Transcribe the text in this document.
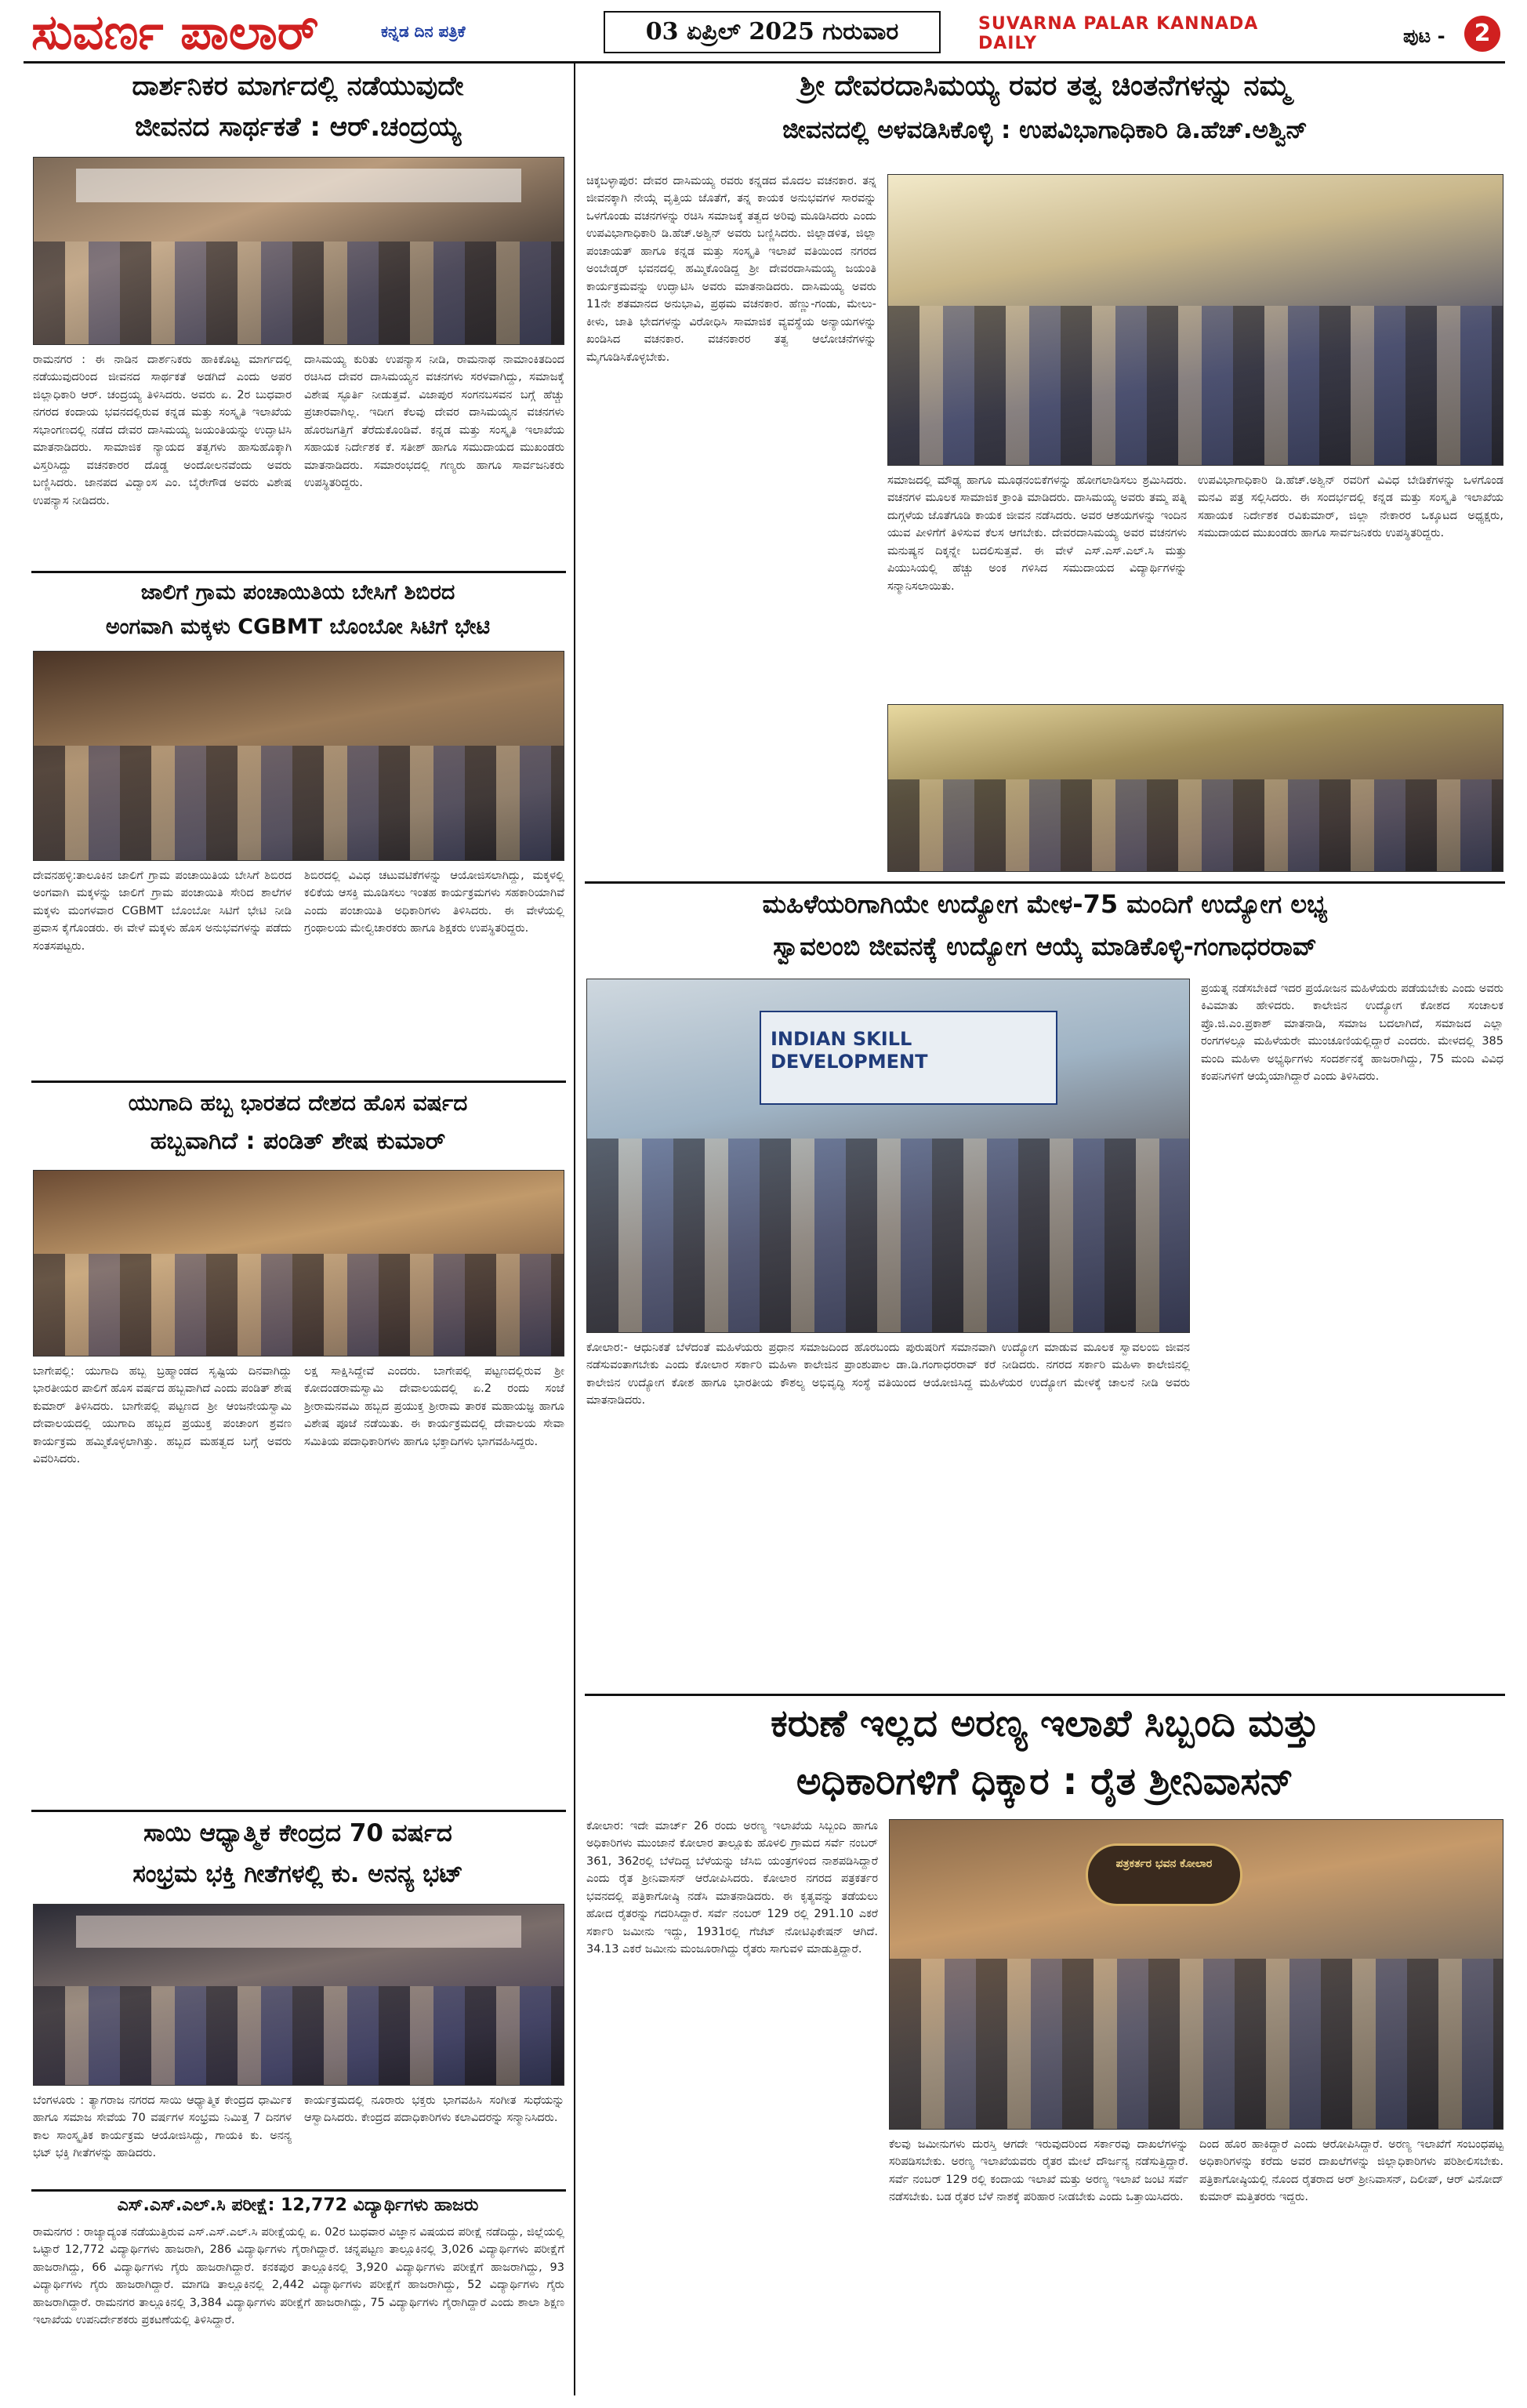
ಸುವರ್ಣ ಪಾಲಾರ್	ಕನ್ನಡ ದಿನ ಪತ್ರಿಕೆ	03 ಏಪ್ರಿಲ್ 2025 ಗುರುವಾರ	SUVARNA PALAR KANNADA DAILY	ಪುಟ -	2
ದಾರ್ಶನಿಕರ ಮಾರ್ಗದಲ್ಲಿ ನಡೆಯುವುದೇ
ಜೀವನದ ಸಾರ್ಥಕತೆ : ಆರ್.ಚಂದ್ರಯ್ಯ
ರಾಮನಗರ : ಈ ನಾಡಿನ ದಾರ್ಶನಿಕರು ಹಾಕಿಕೊಟ್ಟ ಮಾರ್ಗದಲ್ಲಿ ನಡೆಯುವುದರಿಂದ ಜೀವನದ ಸಾರ್ಥಕತೆ ಅಡಗಿದೆ ಎಂದು ಅಪರ ಜಿಲ್ಲಾಧಿಕಾರಿ ಆರ್. ಚಂದ್ರಯ್ಯ ತಿಳಿಸಿದರು. ಅವರು ಏ. 2ರ ಬುಧವಾರ ನಗರದ ಕಂದಾಯ ಭವನದಲ್ಲಿರುವ ಕನ್ನಡ ಮತ್ತು ಸಂಸ್ಕೃತಿ ಇಲಾಖೆಯ ಸಭಾಂಗಣದಲ್ಲಿ ನಡೆದ ದೇವರ ದಾಸಿಮಯ್ಯ ಜಯಂತಿಯನ್ನು ಉದ್ಘಾಟಿಸಿ ಮಾತನಾಡಿದರು. ಸಾಮಾಜಿಕ ನ್ಯಾಯದ ತತ್ವಗಳು ಹಾಸುಹೊಕ್ಕಾಗಿ ವಿಸ್ತರಿಸಿದ್ದು ವಚನಕಾರರ ದೊಡ್ಡ ಅಂದೋಲನವೆಂದು ಅವರು ಬಣ್ಣಿಸಿದರು. ಜಾನಪದ ವಿದ್ವಾಂಸ ಎಂ. ಬೈರೇಗೌಡ ಅವರು ವಿಶೇಷ ಉಪನ್ಯಾಸ ನೀಡಿದರು.
ದಾಸಿಮಯ್ಯ ಕುರಿತು ಉಪನ್ಯಾಸ ನೀಡಿ, ರಾಮನಾಥ ನಾಮಾಂಕಿತದಿಂದ ರಚಿಸಿದ ದೇವರ ದಾಸಿಮಯ್ಯನ ವಚನಗಳು ಸರಳವಾಗಿದ್ದು, ಸಮಾಜಕ್ಕೆ ವಿಶೇಷ ಸ್ಫೂರ್ತಿ ನೀಡುತ್ತವೆ. ವಿಜಾಪುರ ಸಂಗನಬಸವನ ಬಗ್ಗೆ ಹೆಚ್ಚು ಪ್ರಚಾರವಾಗಿಲ್ಲ. ಇದೀಗ ಕೆಲವು ದೇವರ ದಾಸಿಮಯ್ಯನ ವಚನಗಳು ಹೊರಜಗತ್ತಿಗೆ ತೆರೆದುಕೊಂಡಿವೆ. ಕನ್ನಡ ಮತ್ತು ಸಂಸ್ಕೃತಿ ಇಲಾಖೆಯ ಸಹಾಯಕ ನಿರ್ದೇಶಕ ಕೆ. ಸತೀಶ್ ಹಾಗೂ ಸಮುದಾಯದ ಮುಖಂಡರು ಮಾತನಾಡಿದರು. ಸಮಾರಂಭದಲ್ಲಿ ಗಣ್ಯರು ಹಾಗೂ ಸಾರ್ವಜನಿಕರು ಉಪಸ್ಥಿತರಿದ್ದರು.
ಜಾಲಿಗೆ ಗ್ರಾಮ ಪಂಚಾಯಿತಿಯ ಬೇಸಿಗೆ ಶಿಬಿರದ
ಅಂಗವಾಗಿ ಮಕ್ಕಳು CGBMT ಬೊಂಬೋ ಸಿಟಿಗೆ ಭೇಟಿ
ದೇವನಹಳ್ಳಿ:ತಾಲೂಕಿನ ಜಾಲಿಗೆ ಗ್ರಾಮ ಪಂಚಾಯಿತಿಯ ಬೇಸಿಗೆ ಶಿಬಿರದ ಅಂಗವಾಗಿ ಮಕ್ಕಳನ್ನು ಜಾಲಿಗೆ ಗ್ರಾಮ ಪಂಚಾಯಿತಿ ಸೇರಿದ ಶಾಲೆಗಳ ಮಕ್ಕಳು ಮಂಗಳವಾರ CGBMT ಬೊಂಬೋ ಸಿಟಿಗೆ ಭೇಟಿ ನೀಡಿ ಪ್ರವಾಸ ಕೈಗೊಂಡರು. ಈ ವೇಳೆ ಮಕ್ಕಳು ಹೊಸ ಅನುಭವಗಳನ್ನು ಪಡೆದು ಸಂತಸಪಟ್ಟರು.
ಶಿಬಿರದಲ್ಲಿ ವಿವಿಧ ಚಟುವಟಿಕೆಗಳನ್ನು ಆಯೋಜಿಸಲಾಗಿದ್ದು, ಮಕ್ಕಳಲ್ಲಿ ಕಲಿಕೆಯ ಆಸಕ್ತಿ ಮೂಡಿಸಲು ಇಂತಹ ಕಾರ್ಯಕ್ರಮಗಳು ಸಹಕಾರಿಯಾಗಿವೆ ಎಂದು ಪಂಚಾಯಿತಿ ಅಧಿಕಾರಿಗಳು ತಿಳಿಸಿದರು. ಈ ವೇಳೆಯಲ್ಲಿ ಗ್ರಂಥಾಲಯ ಮೇಲ್ವಿಚಾರಕರು ಹಾಗೂ ಶಿಕ್ಷಕರು ಉಪಸ್ಥಿತರಿದ್ದರು.
ಯುಗಾದಿ ಹಬ್ಬ ಭಾರತದ ದೇಶದ ಹೊಸ ವರ್ಷದ
ಹಬ್ಬವಾಗಿದೆ : ಪಂಡಿತ್ ಶೇಷ ಕುಮಾರ್
ಬಾಗೇಪಲ್ಲಿ: ಯುಗಾದಿ ಹಬ್ಬ ಬ್ರಹ್ಮಾಂಡದ ಸೃಷ್ಟಿಯ ದಿನವಾಗಿದ್ದು ಭಾರತೀಯರ ಪಾಲಿಗೆ ಹೊಸ ವರ್ಷದ ಹಬ್ಬವಾಗಿದೆ ಎಂದು ಪಂಡಿತ್ ಶೇಷ ಕುಮಾರ್ ತಿಳಿಸಿದರು. ಬಾಗೇಪಲ್ಲಿ ಪಟ್ಟಣದ ಶ್ರೀ ಆಂಜನೇಯಸ್ವಾಮಿ ದೇವಾಲಯದಲ್ಲಿ ಯುಗಾದಿ ಹಬ್ಬದ ಪ್ರಯುಕ್ತ ಪಂಚಾಂಗ ಶ್ರವಣ ಕಾರ್ಯಕ್ರಮ ಹಮ್ಮಿಕೊಳ್ಳಲಾಗಿತ್ತು. ಹಬ್ಬದ ಮಹತ್ವದ ಬಗ್ಗೆ ಅವರು ವಿವರಿಸಿದರು.
ಲಕ್ಷ ಸಾಕ್ಷಿಸಿದ್ದೇವೆ ಎಂದರು. ಬಾಗೇಪಲ್ಲಿ ಪಟ್ಟಣದಲ್ಲಿರುವ ಶ್ರೀ ಕೋದಂಡರಾಮಸ್ವಾಮಿ ದೇವಾಲಯದಲ್ಲಿ ಏ.2 ರಂದು ಸಂಜೆ ಶ್ರೀರಾಮನವಮಿ ಹಬ್ಬದ ಪ್ರಯುಕ್ತ ಶ್ರೀರಾಮ ತಾರಕ ಮಹಾಯಜ್ಞ ಹಾಗೂ ವಿಶೇಷ ಪೂಜೆ ನಡೆಯಿತು. ಈ ಕಾರ್ಯಕ್ರಮದಲ್ಲಿ ದೇವಾಲಯ ಸೇವಾ ಸಮಿತಿಯ ಪದಾಧಿಕಾರಿಗಳು ಹಾಗೂ ಭಕ್ತಾದಿಗಳು ಭಾಗವಹಿಸಿದ್ದರು.
ಸಾಯಿ ಆಧ್ಯಾತ್ಮಿಕ ಕೇಂದ್ರದ 70 ವರ್ಷದ
ಸಂಭ್ರಮ ಭಕ್ತಿ ಗೀತೆಗಳಲ್ಲಿ ಕು. ಅನನ್ಯ ಭಟ್
ಬೆಂಗಳೂರು : ತ್ಯಾಗರಾಜ ನಗರದ ಸಾಯಿ ಆಧ್ಯಾತ್ಮಿಕ ಕೇಂದ್ರದ ಧಾರ್ಮಿಕ ಹಾಗೂ ಸಮಾಜ ಸೇವೆಯ 70 ವರ್ಷಗಳ ಸಂಭ್ರಮ ನಿಮಿತ್ತ 7 ದಿನಗಳ ಕಾಲ ಸಾಂಸ್ಕೃತಿಕ ಕಾರ್ಯಕ್ರಮ ಆಯೋಜಿಸಿದ್ದು, ಗಾಯಕಿ ಕು. ಅನನ್ಯ ಭಟ್ ಭಕ್ತಿ ಗೀತೆಗಳನ್ನು ಹಾಡಿದರು.
ಕಾರ್ಯಕ್ರಮದಲ್ಲಿ ನೂರಾರು ಭಕ್ತರು ಭಾಗವಹಿಸಿ ಸಂಗೀತ ಸುಧೆಯನ್ನು ಆಸ್ವಾದಿಸಿದರು. ಕೇಂದ್ರದ ಪದಾಧಿಕಾರಿಗಳು ಕಲಾವಿದರನ್ನು ಸನ್ಮಾನಿಸಿದರು.
ಎಸ್.ಎಸ್.ಎಲ್.ಸಿ ಪರೀಕ್ಷೆ: 12,772 ವಿದ್ಯಾರ್ಥಿಗಳು ಹಾಜರು
ರಾಮನಗರ : ರಾಜ್ಯಾದ್ಯಂತ ನಡೆಯುತ್ತಿರುವ ಎಸ್.ಎಸ್.ಎಲ್.ಸಿ ಪರೀಕ್ಷೆಯಲ್ಲಿ ಏ. 02ರ ಬುಧವಾರ ವಿಜ್ಞಾನ ವಿಷಯದ ಪರೀಕ್ಷೆ ನಡೆದಿದ್ದು, ಜಿಲ್ಲೆಯಲ್ಲಿ ಒಟ್ಟಾರೆ 12,772 ವಿದ್ಯಾರ್ಥಿಗಳು ಹಾಜರಾಗಿ, 286 ವಿದ್ಯಾರ್ಥಿಗಳು ಗೈರಾಗಿದ್ದಾರೆ. ಚನ್ನಪಟ್ಟಣ ತಾಲ್ಲೂಕಿನಲ್ಲಿ 3,026 ವಿದ್ಯಾರ್ಥಿಗಳು ಪರೀಕ್ಷೆಗೆ ಹಾಜರಾಗಿದ್ದು, 66 ವಿದ್ಯಾರ್ಥಿಗಳು ಗೈರು ಹಾಜರಾಗಿದ್ದಾರೆ. ಕನಕಪುರ ತಾಲ್ಲೂಕಿನಲ್ಲಿ 3,920 ವಿದ್ಯಾರ್ಥಿಗಳು ಪರೀಕ್ಷೆಗೆ ಹಾಜರಾಗಿದ್ದು, 93 ವಿದ್ಯಾರ್ಥಿಗಳು ಗೈರು ಹಾಜರಾಗಿದ್ದಾರೆ. ಮಾಗಡಿ ತಾಲ್ಲೂಕಿನಲ್ಲಿ 2,442 ವಿದ್ಯಾರ್ಥಿಗಳು ಪರೀಕ್ಷೆಗೆ ಹಾಜರಾಗಿದ್ದು, 52 ವಿದ್ಯಾರ್ಥಿಗಳು ಗೈರು ಹಾಜರಾಗಿದ್ದಾರೆ. ರಾಮನಗರ ತಾಲ್ಲೂಕಿನಲ್ಲಿ 3,384 ವಿದ್ಯಾರ್ಥಿಗಳು ಪರೀಕ್ಷೆಗೆ ಹಾಜರಾಗಿದ್ದು, 75 ವಿದ್ಯಾರ್ಥಿಗಳು ಗೈರಾಗಿದ್ದಾರೆ ಎಂದು ಶಾಲಾ ಶಿಕ್ಷಣ ಇಲಾಖೆಯ ಉಪನಿರ್ದೇಶಕರು ಪ್ರಕಟಣೆಯಲ್ಲಿ ತಿಳಿಸಿದ್ದಾರೆ.
ಶ್ರೀ ದೇವರದಾಸಿಮಯ್ಯ ರವರ ತತ್ವ ಚಿಂತನೆಗಳನ್ನು ನಮ್ಮ
ಜೀವನದಲ್ಲಿ ಅಳವಡಿಸಿಕೊಳ್ಳಿ : ಉಪವಿಭಾಗಾಧಿಕಾರಿ ಡಿ.ಹೆಚ್.ಅಶ್ವಿನ್
ಚಿಕ್ಕಬಳ್ಳಾಪುರ: ದೇವರ ದಾಸಿಮಯ್ಯ ರವರು ಕನ್ನಡದ ಮೊದಲ ವಚನಕಾರ. ತನ್ನ ಜೀವನಕ್ಕಾಗಿ ನೇಯ್ಗೆ ವೃತ್ತಿಯ ಜೊತೆಗೆ, ತನ್ನ ಕಾಯಕ ಅನುಭವಗಳ ಸಾರವನ್ನು ಒಳಗೊಂಡು ವಚನಗಳನ್ನು ರಚಿಸಿ ಸಮಾಜಕ್ಕೆ ತತ್ವದ ಅರಿವು ಮೂಡಿಸಿದರು ಎಂದು ಉಪವಿಭಾಗಾಧಿಕಾರಿ ಡಿ.ಹೆಚ್.ಅಶ್ವಿನ್ ಅವರು ಬಣ್ಣಿಸಿದರು. ಜಿಲ್ಲಾಡಳಿತ, ಜಿಲ್ಲಾ ಪಂಚಾಯತ್ ಹಾಗೂ ಕನ್ನಡ ಮತ್ತು ಸಂಸ್ಕೃತಿ ಇಲಾಖೆ ವತಿಯಿಂದ ನಗರದ ಅಂಬೇಡ್ಕರ್ ಭವನದಲ್ಲಿ ಹಮ್ಮಿಕೊಂಡಿದ್ದ ಶ್ರೀ ದೇವರದಾಸಿಮಯ್ಯ ಜಯಂತಿ ಕಾರ್ಯಕ್ರಮವನ್ನು ಉದ್ಘಾಟಿಸಿ ಅವರು ಮಾತನಾಡಿದರು. ದಾಸಿಮಯ್ಯ ಅವರು 11ನೇ ಶತಮಾನದ ಅನುಭಾವಿ, ಪ್ರಥಮ ವಚನಕಾರ. ಹೆಣ್ಣು-ಗಂಡು, ಮೇಲು-ಕೀಳು, ಜಾತಿ ಭೇದಗಳನ್ನು ವಿರೋಧಿಸಿ ಸಾಮಾಜಿಕ ವ್ಯವಸ್ಥೆಯ ಅನ್ಯಾಯಗಳನ್ನು ಖಂಡಿಸಿದ ವಚನಕಾರ. ವಚನಕಾರರ ತತ್ವ ಆಲೋಚನೆಗಳನ್ನು ಮೈಗೂಡಿಸಿಕೊಳ್ಳಬೇಕು.
ಸಮಾಜದಲ್ಲಿ ಮೌಢ್ಯ ಹಾಗೂ ಮೂಢನಂಬಿಕೆಗಳನ್ನು ಹೋಗಲಾಡಿಸಲು ಶ್ರಮಿಸಿದರು. ವಚನಗಳ ಮೂಲಕ ಸಾಮಾಜಿಕ ಕ್ರಾಂತಿ ಮಾಡಿದರು. ದಾಸಿಮಯ್ಯ ಅವರು ತಮ್ಮ ಪತ್ನಿ ದುಗ್ಗಳೆಯ ಜೊತೆಗೂಡಿ ಕಾಯಕ ಜೀವನ ನಡೆಸಿದರು. ಅವರ ಆಶಯಗಳನ್ನು ಇಂದಿನ ಯುವ ಪೀಳಿಗೆಗೆ ತಿಳಿಸುವ ಕೆಲಸ ಆಗಬೇಕು. ದೇವರದಾಸಿಮಯ್ಯ ಅವರ ವಚನಗಳು ಮನುಷ್ಯನ ದಿಕ್ಕನ್ನೇ ಬದಲಿಸುತ್ತವೆ. ಈ ವೇಳೆ ಎಸ್.ಎಸ್.ಎಲ್.ಸಿ ಮತ್ತು ಪಿಯುಸಿಯಲ್ಲಿ ಹೆಚ್ಚು ಅಂಕ ಗಳಿಸಿದ ಸಮುದಾಯದ ವಿದ್ಯಾರ್ಥಿಗಳನ್ನು ಸನ್ಮಾನಿಸಲಾಯಿತು.
ಉಪವಿಭಾಗಾಧಿಕಾರಿ ಡಿ.ಹೆಚ್.ಅಶ್ವಿನ್ ರವರಿಗೆ ವಿವಿಧ ಬೇಡಿಕೆಗಳನ್ನು ಒಳಗೊಂಡ ಮನವಿ ಪತ್ರ ಸಲ್ಲಿಸಿದರು. ಈ ಸಂದರ್ಭದಲ್ಲಿ ಕನ್ನಡ ಮತ್ತು ಸಂಸ್ಕೃತಿ ಇಲಾಖೆಯ ಸಹಾಯಕ ನಿರ್ದೇಶಕ ರವಿಕುಮಾರ್, ಜಿಲ್ಲಾ ನೇಕಾರರ ಒಕ್ಕೂಟದ ಅಧ್ಯಕ್ಷರು, ಸಮುದಾಯದ ಮುಖಂಡರು ಹಾಗೂ ಸಾರ್ವಜನಿಕರು ಉಪಸ್ಥಿತರಿದ್ದರು.
ಮಹಿಳೆಯರಿಗಾಗಿಯೇ ಉದ್ಯೋಗ ಮೇಳ-75 ಮಂದಿಗೆ ಉದ್ಯೋಗ ಲಭ್ಯ
ಸ್ವಾವಲಂಬಿ ಜೀವನಕ್ಕೆ ಉದ್ಯೋಗ ಆಯ್ಕೆ ಮಾಡಿಕೊಳ್ಳಿ-ಗಂಗಾಧರರಾವ್
INDIAN SKILL DEVELOPMENT
ಪ್ರಯತ್ನ ನಡೆಸಬೇಕಿದೆ ಇದರ ಪ್ರಯೋಜನ ಮಹಿಳೆಯರು ಪಡೆಯಬೇಕು ಎಂದು ಅವರು ಕಿವಿಮಾತು ಹೇಳಿದರು. ಕಾಲೇಜಿನ ಉದ್ಯೋಗ ಕೋಶದ ಸಂಚಾಲಕ ಪ್ರೊ.ಜಿ.ಎಂ.ಪ್ರಕಾಶ್ ಮಾತನಾಡಿ, ಸಮಾಜ ಬದಲಾಗಿದೆ, ಸಮಾಜದ ಎಲ್ಲಾ ರಂಗಗಳಲ್ಲೂ ಮಹಿಳೆಯರೇ ಮುಂಚೂಣಿಯಲ್ಲಿದ್ದಾರೆ ಎಂದರು. ಮೇಳದಲ್ಲಿ 385 ಮಂದಿ ಮಹಿಳಾ ಅಭ್ಯರ್ಥಿಗಳು ಸಂದರ್ಶನಕ್ಕೆ ಹಾಜರಾಗಿದ್ದು, 75 ಮಂದಿ ವಿವಿಧ ಕಂಪನಿಗಳಿಗೆ ಆಯ್ಕೆಯಾಗಿದ್ದಾರೆ ಎಂದು ತಿಳಿಸಿದರು.
ಕೋಲಾರ:- ಆಧುನಿಕತೆ ಬೆಳೆದಂತೆ ಮಹಿಳೆಯರು ಪ್ರಧಾನ ಸಮಾಜದಿಂದ ಹೊರಬಂದು ಪುರುಷರಿಗೆ ಸಮಾನವಾಗಿ ಉದ್ಯೋಗ ಮಾಡುವ ಮೂಲಕ ಸ್ವಾವಲಂಬಿ ಜೀವನ ನಡೆಸುವಂತಾಗಬೇಕು ಎಂದು ಕೋಲಾರ ಸರ್ಕಾರಿ ಮಹಿಳಾ ಕಾಲೇಜಿನ ಪ್ರಾಂಶುಪಾಲ ಡಾ.ಡಿ.ಗಂಗಾಧರರಾವ್ ಕರೆ ನೀಡಿದರು. ನಗರದ ಸರ್ಕಾರಿ ಮಹಿಳಾ ಕಾಲೇಜಿನಲ್ಲಿ ಕಾಲೇಜಿನ ಉದ್ಯೋಗ ಕೋಶ ಹಾಗೂ ಭಾರತೀಯ ಕೌಶಲ್ಯ ಅಭಿವೃದ್ಧಿ ಸಂಸ್ಥೆ ವತಿಯಿಂದ ಆಯೋಜಿಸಿದ್ದ ಮಹಿಳೆಯರ ಉದ್ಯೋಗ ಮೇಳಕ್ಕೆ ಚಾಲನೆ ನೀಡಿ ಅವರು ಮಾತನಾಡಿದರು.
ಕರುಣೆ ಇಲ್ಲದ ಅರಣ್ಯ ಇಲಾಖೆ ಸಿಬ್ಬಂದಿ ಮತ್ತು
ಅಧಿಕಾರಿಗಳಿಗೆ ಧಿಕ್ಕಾರ : ರೈತ ಶ್ರೀನಿವಾಸನ್
ಕೋಲಾರ: ಇದೇ ಮಾರ್ಚ್ 26 ರಂದು ಅರಣ್ಯ ಇಲಾಖೆಯ ಸಿಬ್ಬಂದಿ ಹಾಗೂ ಅಧಿಕಾರಿಗಳು ಮುಂಜಾನೆ ಕೋಲಾರ ತಾಲ್ಲೂಕು ಹೊಳಲಿ ಗ್ರಾಮದ ಸರ್ವೆ ನಂಬರ್ 361, 362ರಲ್ಲಿ ಬೆಳೆದಿದ್ದ ಬೆಳೆಯನ್ನು ಜೆಸಿಬಿ ಯಂತ್ರಗಳಿಂದ ನಾಶಪಡಿಸಿದ್ದಾರೆ ಎಂದು ರೈತ ಶ್ರೀನಿವಾಸನ್ ಆರೋಪಿಸಿದರು. ಕೋಲಾರ ನಗರದ ಪತ್ರಕರ್ತರ ಭವನದಲ್ಲಿ ಪತ್ರಿಕಾಗೋಷ್ಠಿ ನಡೆಸಿ ಮಾತನಾಡಿದರು. ಈ ಕೃತ್ಯವನ್ನು ತಡೆಯಲು ಹೋದ ರೈತರನ್ನು ಗದರಿಸಿದ್ದಾರೆ. ಸರ್ವೆ ನಂಬರ್ 129 ರಲ್ಲಿ 291.10 ಎಕರೆ ಸರ್ಕಾರಿ ಜಮೀನು ಇದ್ದು, 1931ರಲ್ಲಿ ಗೆಜೆಟ್ ನೋಟಿಫಿಕೇಷನ್ ಆಗಿದೆ. 34.13 ಎಕರೆ ಜಮೀನು ಮಂಜೂರಾಗಿದ್ದು ರೈತರು ಸಾಗುವಳಿ ಮಾಡುತ್ತಿದ್ದಾರೆ.
ಪತ್ರಕರ್ತರ ಭವನ ಕೋಲಾರ
ಕೆಲವು ಜಮೀನುಗಳು ದುರಸ್ತಿ ಆಗದೇ ಇರುವುದರಿಂದ ಸರ್ಕಾರವು ದಾಖಲೆಗಳನ್ನು ಸರಿಪಡಿಸಬೇಕು. ಅರಣ್ಯ ಇಲಾಖೆಯವರು ರೈತರ ಮೇಲೆ ದೌರ್ಜನ್ಯ ನಡೆಸುತ್ತಿದ್ದಾರೆ. ಸರ್ವೆ ನಂಬರ್ 129 ರಲ್ಲಿ ಕಂದಾಯ ಇಲಾಖೆ ಮತ್ತು ಅರಣ್ಯ ಇಲಾಖೆ ಜಂಟಿ ಸರ್ವೆ ನಡೆಸಬೇಕು. ಬಡ ರೈತರ ಬೆಳೆ ನಾಶಕ್ಕೆ ಪರಿಹಾರ ನೀಡಬೇಕು ಎಂದು ಒತ್ತಾಯಿಸಿದರು.
ದಿಂದ ಹೊರ ಹಾಕಿದ್ದಾರೆ ಎಂದು ಆರೋಪಿಸಿದ್ದಾರೆ. ಅರಣ್ಯ ಇಲಾಖೆಗೆ ಸಂಬಂಧಪಟ್ಟ ಅಧಿಕಾರಿಗಳನ್ನು ಕರೆದು ಅವರ ದಾಖಲೆಗಳನ್ನು ಜಿಲ್ಲಾಧಿಕಾರಿಗಳು ಪರಿಶೀಲಿಸಬೇಕು. ಪತ್ರಿಕಾಗೋಷ್ಠಿಯಲ್ಲಿ ನೊಂದ ರೈತರಾದ ಅರ್ ಶ್ರೀನಿವಾಸನ್, ದಿಲೀಪ್, ಆರ್ ವಿನೋದ್ ಕುಮಾರ್ ಮತ್ತಿತರರು ಇದ್ದರು.
